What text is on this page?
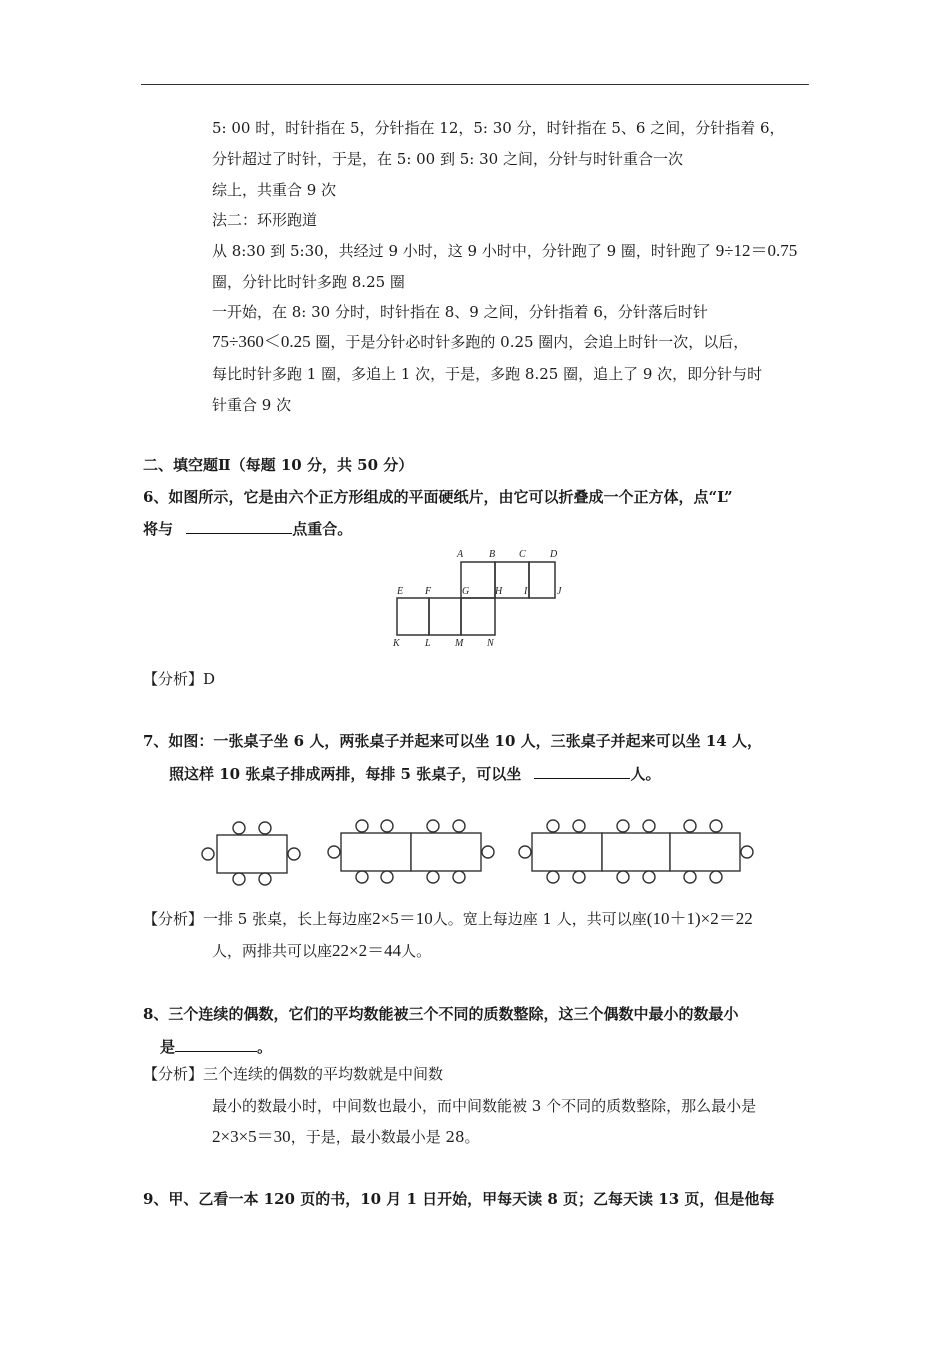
5: 00 时，时针指在 5，分针指在 12，5: 30 分，时针指在 5、6 之间，分针指着 6，
分针超过了时针，于是，在 5: 00 到 5: 30 之间，分针与时针重合一次
综上，共重合 9 次
法二：环形跑道
从 8:30 到 5:30，共经过 9 小时，这 9 小时中，分针跑了 9 圈，时针跑了 9÷12＝0.75
圈，分针比时针多跑 8.25 圈
一开始，在 8: 30 分时，时针指在 8、9 之间，分针指着 6，分针落后时针
75÷360＜0.25 圈，于是分针必时针多跑的 0.25 圈内，会追上时针一次，以后，
每比时针多跑 1 圈，多追上 1 次，于是，多跑 8.25 圈，追上了 9 次，即分针与时
针重合 9 次
二、填空题Ⅱ（每题 10 分，共 50 分）
6、如图所示，它是由六个正方形组成的平面硬纸片，由它可以折叠成一个正方体，点“L”
将与	点重合。
A	B C D
E F	G	H I	J
K	L M N
【分析】D
7、如图：一张桌子坐 6 人，两张桌子并起来可以坐 10 人，三张桌子并起来可以坐 14 人，
照这样 10 张桌子排成两排，每排 5 张桌子，可以坐	人。
【分析】一排 5 张桌，长上每边座2×5＝10人。宽上每边座 1 人，共可以座(10＋1)×2＝22
人，两排共可以座22×2＝44人。
8、三个连续的偶数，它们的平均数能被三个不同的质数整除，这三个偶数中最小的数最小
是	。
【分析】三个连续的偶数的平均数就是中间数
最小的数最小时，中间数也最小，而中间数能被 3 个不同的质数整除，那么最小是
2×3×5＝30，于是，最小数最小是 28。
9、甲、乙看一本 120 页的书，10 月 1 日开始，甲每天读 8 页；乙每天读 13 页，但是他每
